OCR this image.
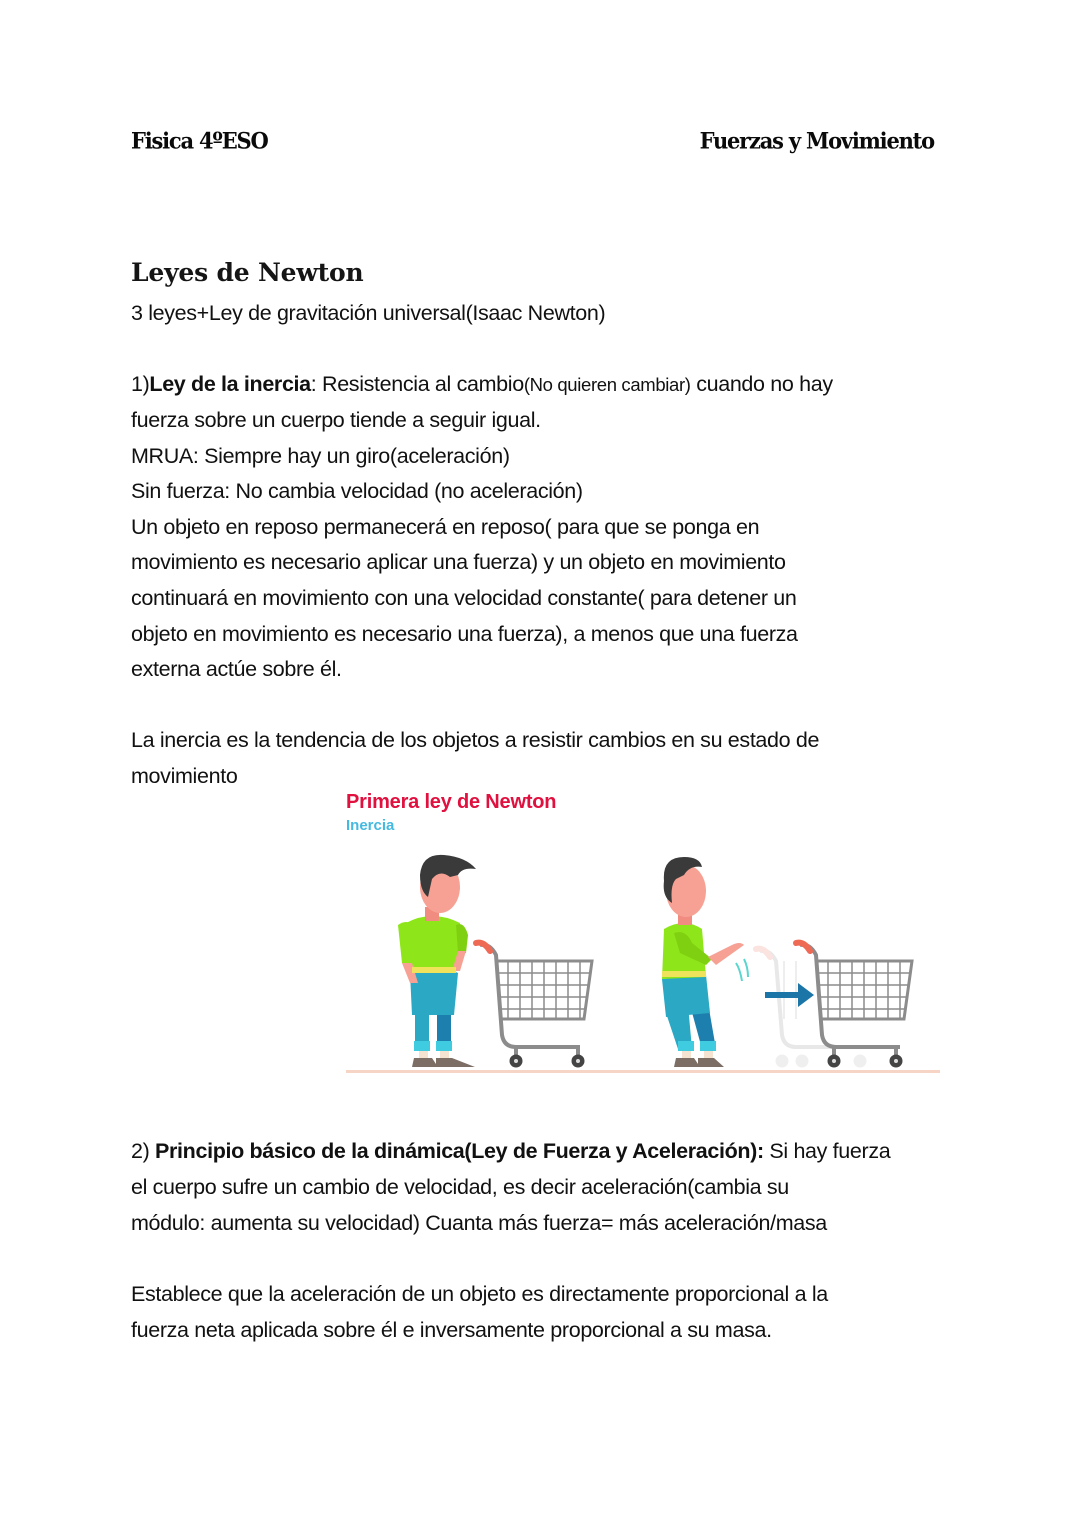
Fisica 4ºESO	Fuerzas y Movimiento
Leyes de Newton
3 leyes+Ley de gravitación universal(Isaac Newton)
1)Ley de la inercia: Resistencia al cambio(No quieren cambiar) cuando no hay
fuerza sobre un cuerpo tiende a seguir igual.
MRUA: Siempre hay un giro(aceleración)
Sin fuerza: No cambia velocidad (no aceleración)
Un objeto en reposo permanecerá en reposo( para que se ponga en
movimiento es necesario aplicar una fuerza) y un objeto en movimiento
continuará en movimiento con una velocidad constante( para detener un
objeto en movimiento es necesario una fuerza), a menos que una fuerza
externa actúe sobre él.
La inercia es la tendencia de los objetos a resistir cambios en su estado de
movimiento
Primera ley de Newton
Inercia
2) Principio básico de la dinámica(Ley de Fuerza y Aceleración): Si hay fuerza
el cuerpo sufre un cambio de velocidad, es decir aceleración(cambia su
módulo: aumenta su velocidad) Cuanta más fuerza= más aceleración/masa
Establece que la aceleración de un objeto es directamente proporcional a la
fuerza neta aplicada sobre él e inversamente proporcional a su masa.
